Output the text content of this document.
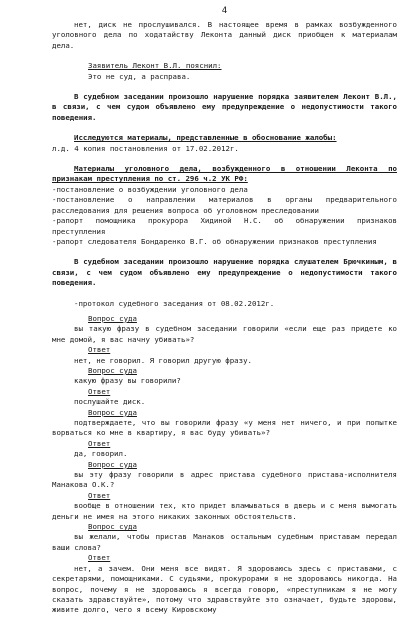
4

нет, диск не прослушивался. В настоящее время в рамках возбужденного уголовного дела по ходатайству Леконта данный диск приобщен к материалам дела.

Заявитель Леконт В.Л. пояснил:

Это не суд, а расправа.

В судебном заседании произошло нарушение порядка заявителем Леконт В.Л., в связи, с чем судом объявлено ему предупреждение о недопустимости такого поведения.

Исследуются материалы, представленные в обоснование жалобы:

л.д. 4 копия постановления от 17.02.2012г.

Материалы уголовного дела, возбужденного в отношении Леконта по признакам преступления по ст. 296 ч.2 УК РФ:

-постановление о возбуждении уголовного дела

-постановление о направлении материалов в органы предварительного расследования для решения вопроса об уголовном преследовании

-рапорт помощника прокурора Хидиной Н.С. об обнаружении признаков преступления

-рапорт следователя Бондаренко В.Г. об обнаружении признаков преступления

В судебном заседании произошло нарушение порядка слушателем Брючкиным, в связи, с чем судом объявлено ему предупреждение о недопустимости такого поведения.

-протокол судебного заседания от 08.02.2012г.

Вопрос суда

вы такую фразу в судебном заседании говорили «если еще раз придете ко мне домой, я вас начну убивать»?

Ответ

нет, не говорил. Я говорил другую фразу.

Вопрос суда

какую фразу вы говорили?

Ответ

послушайте диск.

Вопрос суда

подтверждаете, что вы говорили фразу «у меня нет ничего, и при попытке ворваться ко мне в квартиру, я вас буду убивать»?

Ответ

да, говорил.

Вопрос суда

вы эту фразу говорили в адрес пристава судебного пристава-исполнителя Манакова О.К.?

Ответ

вообще в отношении тех, кто придет вламываться в дверь и с меня вымогать деньги не имея на этого никаких законных обстоятельств.

Вопрос суда

вы желали, чтобы пристав Манаков остальным судебным приставам передал ваши слова?

Ответ

нет, а зачем. Они меня все видят. Я здороваюсь здесь с приставами, с секретарями, помощниками. С судьями, прокурорами я не здороваюсь никогда. На вопрос, почему я не здороваюсь я всегда говорю, «преступникам я не могу сказать здравствуйте», потому что здравствуйте это означает, будьте здоровы, живите долго, чего я всему Кировскому
